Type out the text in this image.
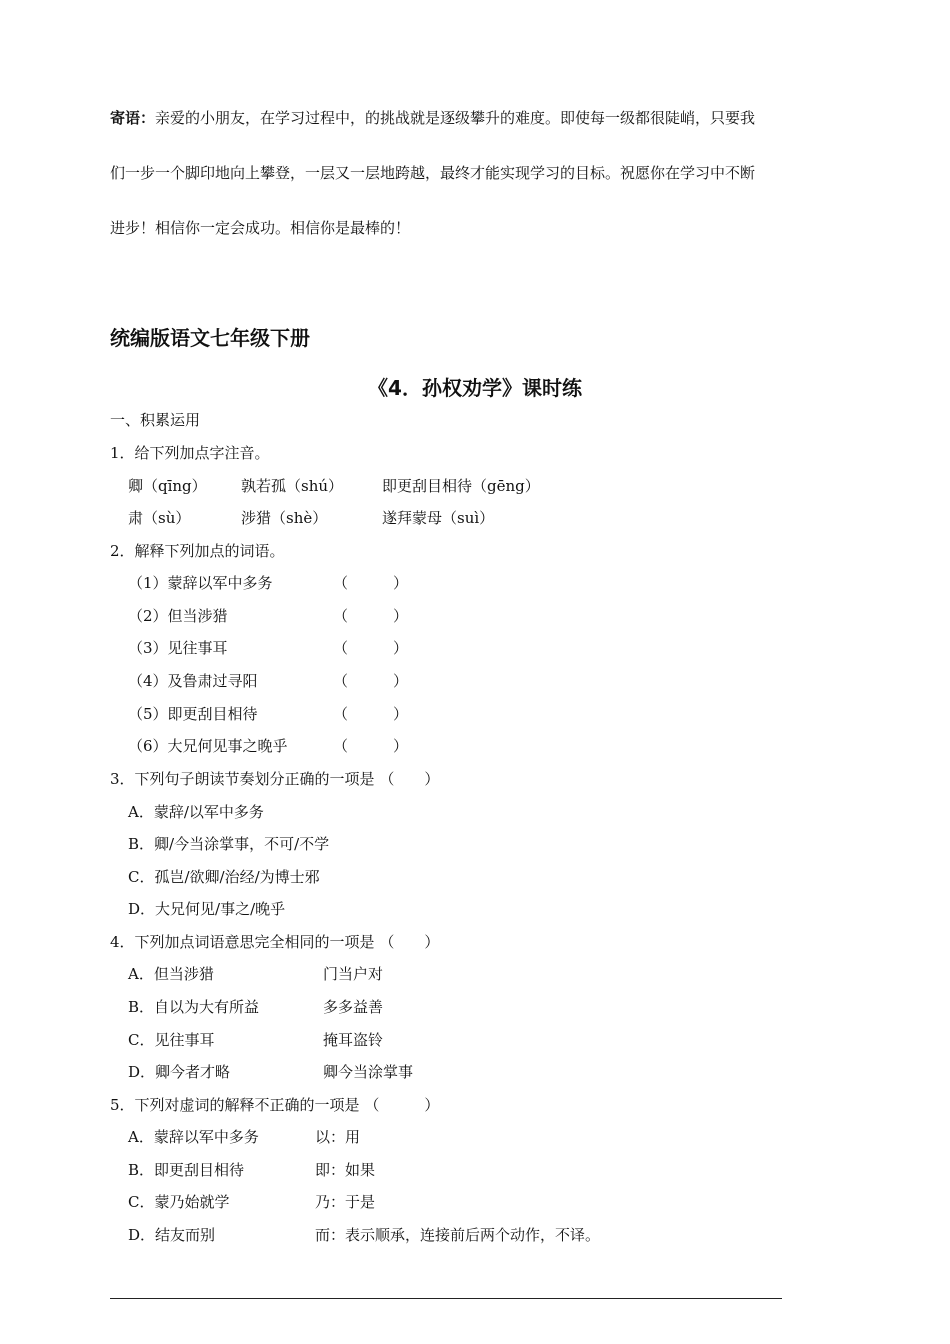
寄语：亲爱的小朋友，在学习过程中，的挑战就是逐级攀升的难度。即使每一级都很陡峭，只要我
们一步一个脚印地向上攀登，一层又一层地跨越，最终才能实现学习的目标。祝愿你在学习中不断
进步！相信你一定会成功。相信你是最棒的！
统编版语文七年级下册
《4．孙权劝学》课时练
一、积累运用
1．给下列加点字注音。
卿（qīng） 孰若孤（shú）	即更刮目相待（gēng）
肃（sù）	涉猎（shè）	遂拜蒙母（suì）
2．解释下列加点的词语。
（1）蒙辞以军中多务	（　　　）
（2）但当涉猎	（　　　）
（3）见往事耳	（　　　）
（4）及鲁肃过寻阳	（　　　）
（5）即更刮目相待	（　　　）
（6）大兄何见事之晚乎	（　　　）
3．下列句子朗读节奏划分正确的一项是 （　　）
A．蒙辞/以军中多务
B．卿/今当涂掌事，不可/不学
C．孤岂/欲卿/治经/为博士邪
D．大兄何见/事之/晚乎
4．下列加点词语意思完全相同的一项是 （　　）
A．但当涉猎	门当户对
B．自以为大有所益	多多益善
C．见往事耳	掩耳盗铃
D．卿今者才略	卿今当涂掌事
5．下列对虚词的解释不正确的一项是 （　　　）
A．蒙辞以军中多务	以：用
B．即更刮目相待	即：如果
C．蒙乃始就学	乃：于是
D．结友而别	而：表示顺承，连接前后两个动作，不译。
